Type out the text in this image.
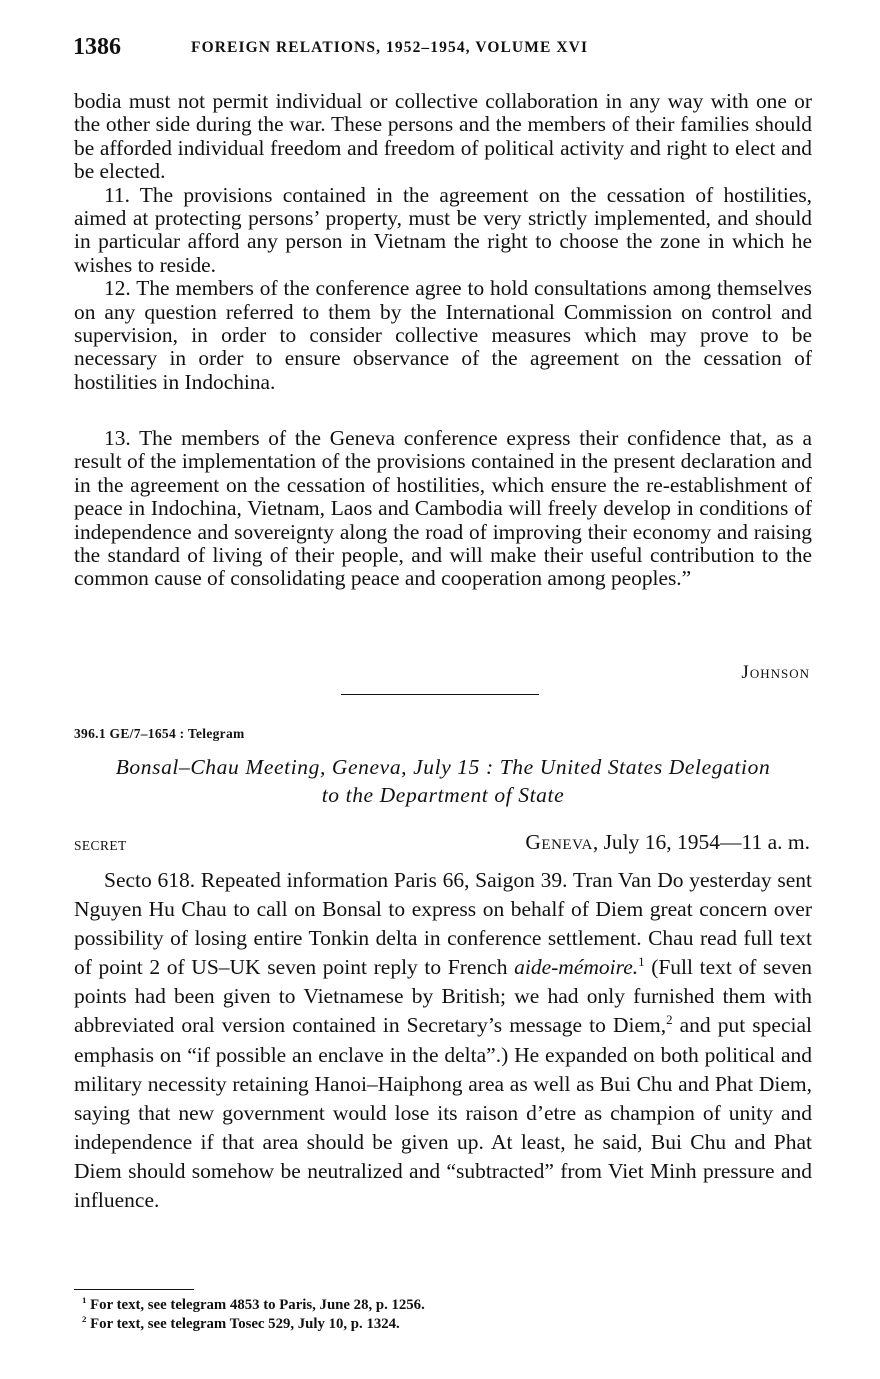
1386	FOREIGN RELATIONS, 1952–1954, VOLUME XVI

bodia must not permit individual or collective collaboration in any way with one or the other side during the war. These persons and the members of their families should be afforded individual freedom and freedom of political activity and right to elect and be elected.

11. The provisions contained in the agreement on the cessation of hostilities, aimed at protecting persons’ property, must be very strictly implemented, and should in particular afford any person in Vietnam the right to choose the zone in which he wishes to reside.

12. The members of the conference agree to hold consultations among themselves on any question referred to them by the International Commission on control and supervision, in order to consider collective measures which may prove to be necessary in order to ensure observance of the agreement on the cessation of hostilities in Indochina.

13. The members of the Geneva conference express their confidence that, as a result of the implementation of the provisions contained in the present declaration and in the agreement on the cessation of hostilities, which ensure the re-establishment of peace in Indochina, Vietnam, Laos and Cambodia will freely develop in conditions of independence and sovereignty along the road of improving their economy and raising the standard of living of their people, and will make their useful contribution to the common cause of consolidating peace and cooperation among peoples.”

Johnson
396.1 GE/7–1654 : Telegram
Bonsal–Chau Meeting, Geneva, July 15 : The United States Delegation
to the Department of State
SECRET	Geneva, July 16, 1954—11 a. m.

Secto 618. Repeated information Paris 66, Saigon 39. Tran Van Do yesterday sent Nguyen Hu Chau to call on Bonsal to express on behalf of Diem great concern over possibility of losing entire Tonkin delta in conference settlement. Chau read full text of point 2 of US–UK seven point reply to French aide-mémoire.$^1$ (Full text of seven points had been given to Vietnamese by British; we had only furnished them with abbreviated oral version contained in Secretary’s message to Diem,$^2$ and put special emphasis on “if possible an enclave in the delta”.) He expanded on both political and military necessity retaining Hanoi–Haiphong area as well as Bui Chu and Phat Diem, saying that new government would lose its raison d’etre as champion of unity and independence if that area should be given up. At least, he said, Bui Chu and Phat Diem should somehow be neutralized and “subtracted” from Viet Minh pressure and influence.

$^1$ For text, see telegram 4853 to Paris, June 28, p. 1256.
$^2$ For text, see telegram Tosec 529, July 10, p. 1324.
